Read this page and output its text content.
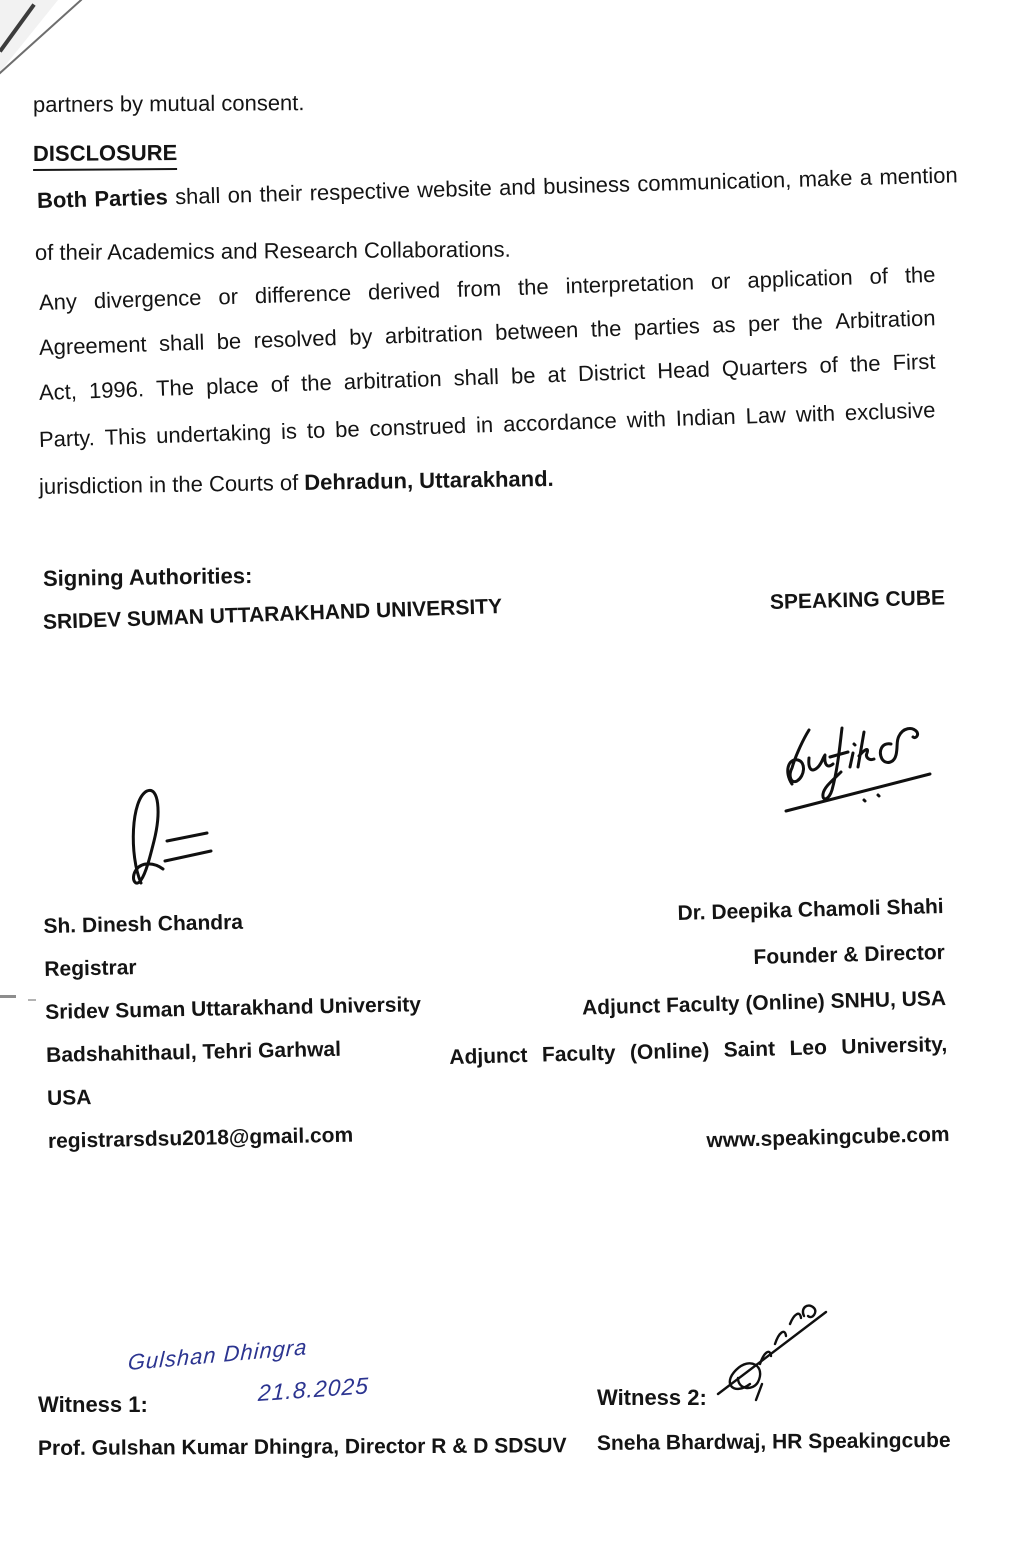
partners by mutual consent.
DISCLOSURE
Both Parties shall on their respective website and business communication, make a mention
of their Academics and Research Collaborations.
Any divergence or difference derived from the interpretation or application of the
Agreement shall be resolved by arbitration between the parties as per the Arbitration
Act, 1996. The place of the arbitration shall be at District Head Quarters of the First
Party. This undertaking is to be construed in accordance with Indian Law with exclusive
jurisdiction in the Courts of Dehradun, Uttarakhand.
Signing Authorities:
SRIDEV SUMAN UTTARAKHAND UNIVERSITY	SPEAKING CUBE
Sh. Dinesh Chandra
Registrar
Sridev Suman Uttarakhand University
Badshahithaul, Tehri Garhwal
USA
registrarsdsu2018@gmail.com
Dr. Deepika Chamoli Shahi
Founder & Director
Adjunct Faculty (Online) SNHU, USA
Adjunct Faculty (Online) Saint Leo University,
www.speakingcube.com
Gulshan Dhingra
21.8.2025
Witness 1:
Prof. Gulshan Kumar Dhingra, Director R & D SDSUV
Witness 2:
Sneha Bhardwaj, HR Speakingcube
